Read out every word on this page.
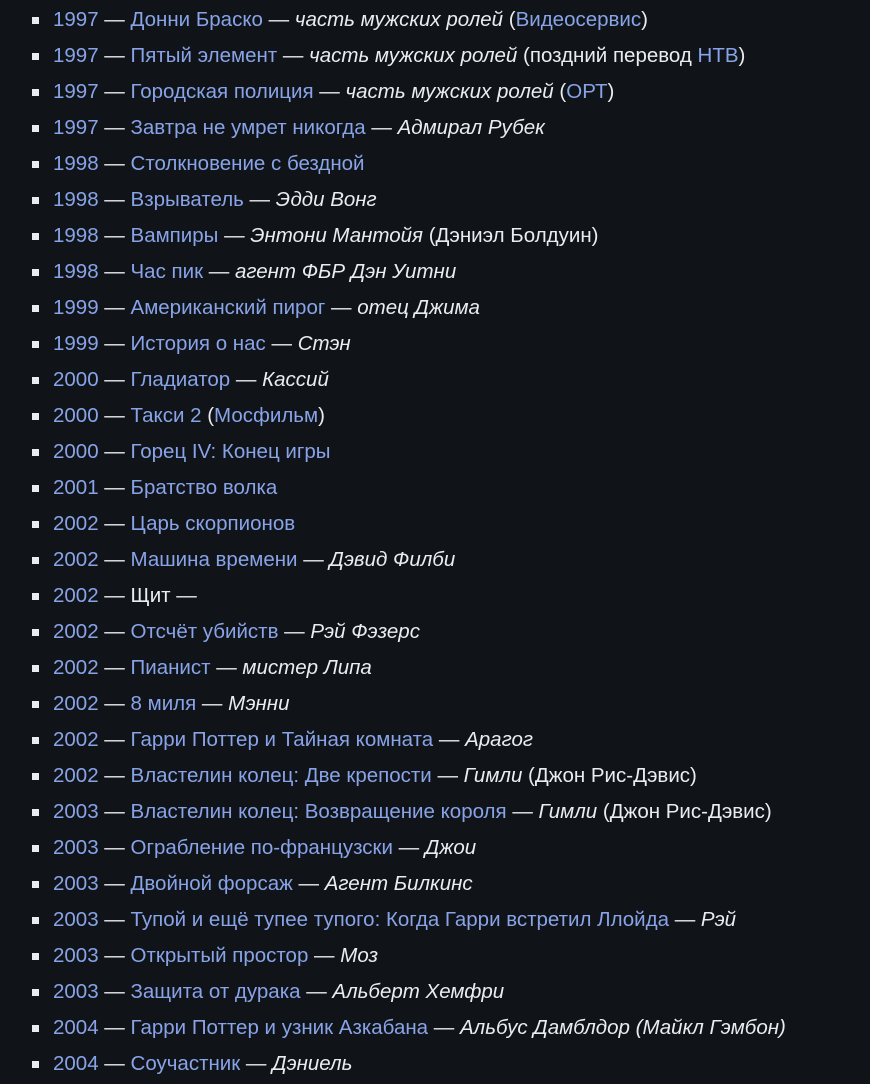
1997 — Донни Браско — часть мужских ролей (Видеосервис)
1997 — Пятый элемент — часть мужских ролей (поздний перевод НТВ)
1997 — Городская полиция — часть мужских ролей (ОРТ)
1997 — Завтра не умрет никогда — Адмирал Рубек
1998 — Столкновение с бездной
1998 — Взрыватель — Эдди Вонг
1998 — Вампиры — Энтони Мантойя (Дэниэл Болдуин)
1998 — Час пик — агент ФБР Дэн Уитни
1999 — Американский пирог — отец Джима
1999 — История о нас — Стэн
2000 — Гладиатор — Кассий
2000 — Такси 2 (Мосфильм)
2000 — Горец IV: Конец игры
2001 — Братство волка
2002 — Царь скорпионов
2002 — Машина времени — Дэвид Филби
2002 — Щит —
2002 — Отсчёт убийств — Рэй Фэзерс
2002 — Пианист — мистер Липа
2002 — 8 миля — Мэнни
2002 — Гарри Поттер и Тайная комната — Арагог
2002 — Властелин колец: Две крепости — Гимли (Джон Рис-Дэвис)
2003 — Властелин колец: Возвращение короля — Гимли (Джон Рис-Дэвис)
2003 — Ограбление по-французски — Джои
2003 — Двойной форсаж — Агент Билкинс
2003 — Тупой и ещё тупее тупого: Когда Гарри встретил Ллойда — Рэй
2003 — Открытый простор — Моз
2003 — Защита от дурака — Альберт Хемфри
2004 — Гарри Поттер и узник Азкабана — Альбус Дамблдор (Майкл Гэмбон)
2004 — Соучастник — Дэниель
